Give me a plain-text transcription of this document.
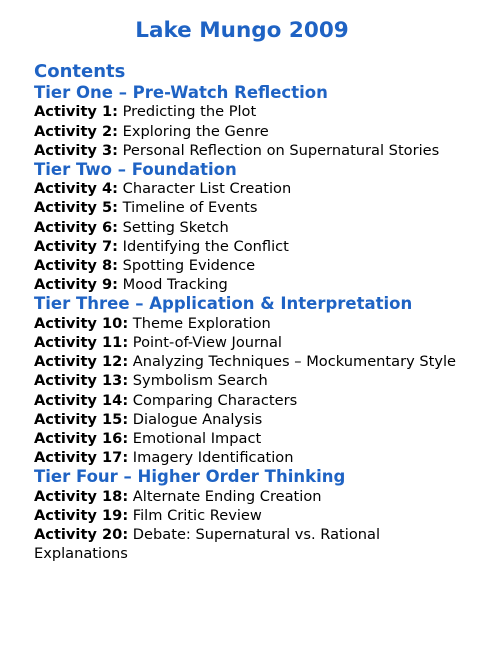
Lake Mungo 2009
Contents
Tier One – Pre-Watch Reflection
Activity 1: Predicting the Plot
Activity 2: Exploring the Genre
Activity 3: Personal Reflection on Supernatural Stories
Tier Two – Foundation
Activity 4: Character List Creation
Activity 5: Timeline of Events
Activity 6: Setting Sketch
Activity 7: Identifying the Conflict
Activity 8: Spotting Evidence
Activity 9: Mood Tracking
Tier Three – Application & Interpretation
Activity 10: Theme Exploration
Activity 11: Point-of-View Journal
Activity 12: Analyzing Techniques – Mockumentary Style
Activity 13: Symbolism Search
Activity 14: Comparing Characters
Activity 15: Dialogue Analysis
Activity 16: Emotional Impact
Activity 17: Imagery Identification
Tier Four – Higher Order Thinking
Activity 18: Alternate Ending Creation
Activity 19: Film Critic Review
Activity 20: Debate: Supernatural vs. Rational Explanations
